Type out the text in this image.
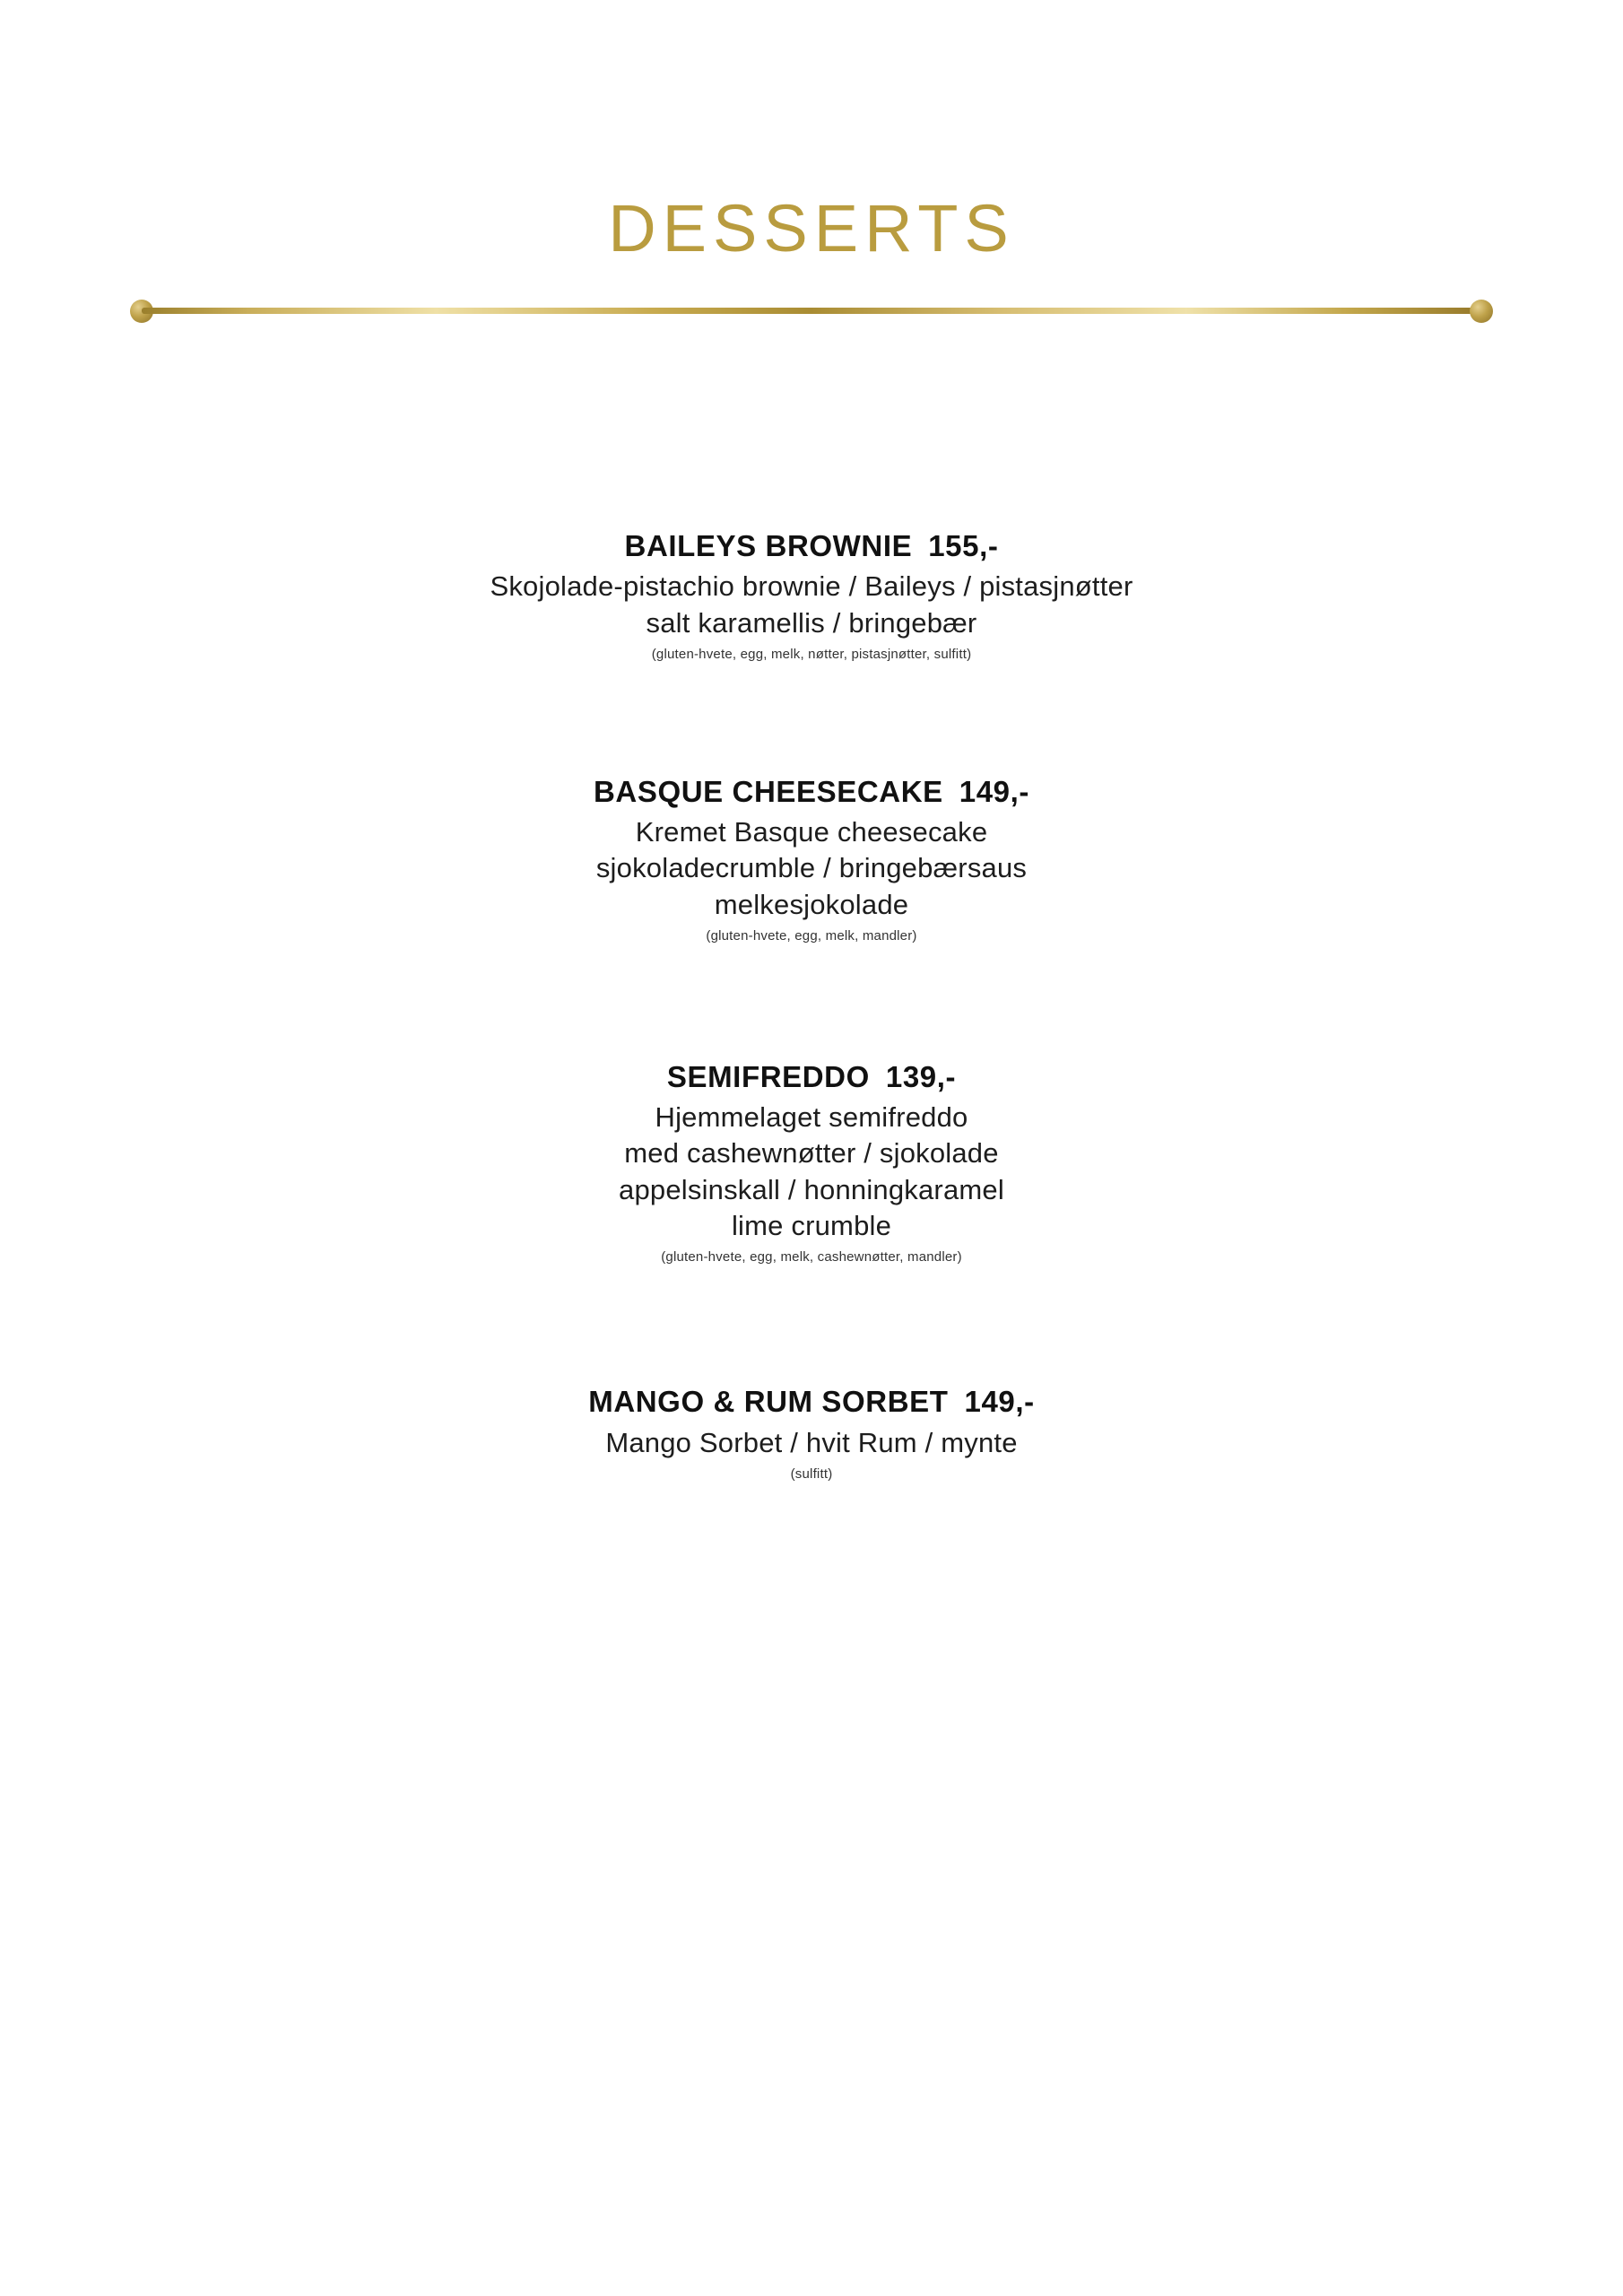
DESSERTS
BAILEYS BROWNIE 155,-
Skojolade-pistachio brownie / Baileys / pistasjnøtter
salt karamellis / bringebær
(gluten-hvete, egg, melk, nøtter, pistasjnøtter, sulfitt)
BASQUE CHEESECAKE 149,-
Kremet Basque cheesecake
sjokoladecrumble / bringebærsaus
melkesjokolade
(gluten-hvete, egg, melk, mandler)
SEMIFREDDO 139,-
Hjemmelaget semifreddo
med cashewnøtter / sjokolade
appelsinskall / honningkaramel
lime crumble
(gluten-hvete, egg, melk, cashewnøtter, mandler)
MANGO & RUM SORBET 149,-
Mango Sorbet / hvit Rum / mynte
(sulfitt)
